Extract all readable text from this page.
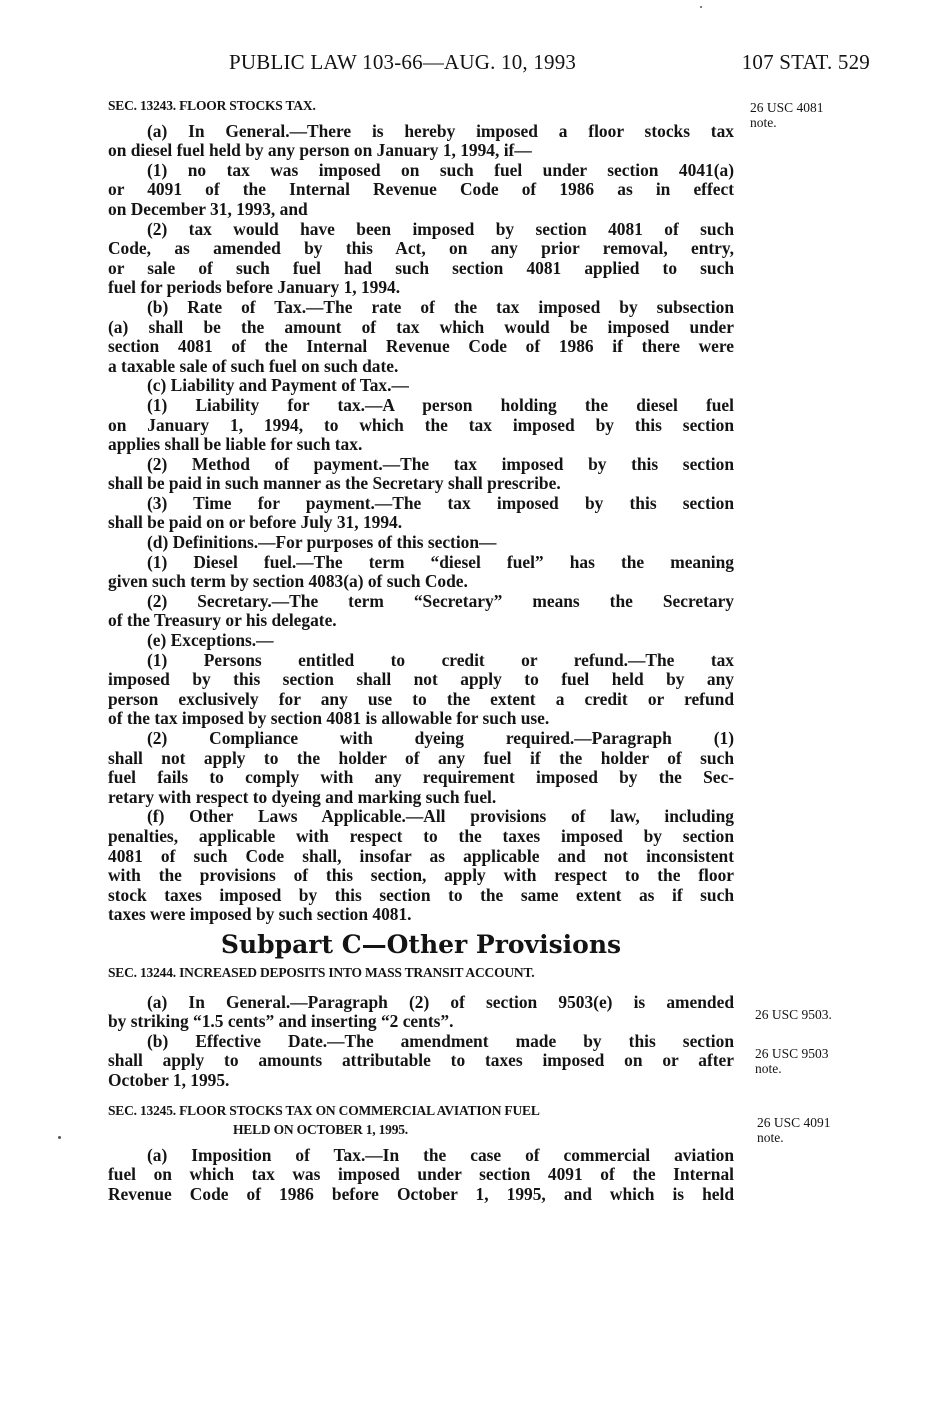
PUBLIC LAW 103-66—AUG. 10, 1993	107 STAT. 529
26 USC 4081
note.
26 USC 9503.
26 USC 9503
note.
26 USC 4091
note.
SEC. 13243. FLOOR STOCKS TAX.
(a) In General.—There is hereby imposed a floor stocks tax
on diesel fuel held by any person on January 1, 1994, if—
(1) no tax was imposed on such fuel under section 4041(a)
or 4091 of the Internal Revenue Code of 1986 as in effect
on December 31, 1993, and
(2) tax would have been imposed by section 4081 of such
Code, as amended by this Act, on any prior removal, entry,
or sale of such fuel had such section 4081 applied to such
fuel for periods before January 1, 1994.
(b) Rate of Tax.—The rate of the tax imposed by subsection
(a) shall be the amount of tax which would be imposed under
section 4081 of the Internal Revenue Code of 1986 if there were
a taxable sale of such fuel on such date.
(c) Liability and Payment of Tax.—
(1) Liability for tax.—A person holding the diesel fuel
on January 1, 1994, to which the tax imposed by this section
applies shall be liable for such tax.
(2) Method of payment.—The tax imposed by this section
shall be paid in such manner as the Secretary shall prescribe.
(3) Time for payment.—The tax imposed by this section
shall be paid on or before July 31, 1994.
(d) Definitions.—For purposes of this section—
(1) Diesel fuel.—The term “diesel fuel” has the meaning
given such term by section 4083(a) of such Code.
(2) Secretary.—The term “Secretary” means the Secretary
of the Treasury or his delegate.
(e) Exceptions.—
(1) Persons entitled to credit or refund.—The tax
imposed by this section shall not apply to fuel held by any
person exclusively for any use to the extent a credit or refund
of the tax imposed by section 4081 is allowable for such use.
(2) Compliance with dyeing required.—Paragraph (1)
shall not apply to the holder of any fuel if the holder of such
fuel fails to comply with any requirement imposed by the Sec-
retary with respect to dyeing and marking such fuel.
(f) Other Laws Applicable.—All provisions of law, including
penalties, applicable with respect to the taxes imposed by section
4081 of such Code shall, insofar as applicable and not inconsistent
with the provisions of this section, apply with respect to the floor
stock taxes imposed by this section to the same extent as if such
taxes were imposed by such section 4081.
Subpart C—Other Provisions
SEC. 13244. INCREASED DEPOSITS INTO MASS TRANSIT ACCOUNT.
(a) In General.—Paragraph (2) of section 9503(e) is amended
by striking “1.5 cents” and inserting “2 cents”.
(b) Effective Date.—The amendment made by this section
shall apply to amounts attributable to taxes imposed on or after
October 1, 1995.
SEC. 13245. FLOOR STOCKS TAX ON COMMERCIAL AVIATION FUEL
HELD ON OCTOBER 1, 1995.
(a) Imposition of Tax.—In the case of commercial aviation
fuel on which tax was imposed under section 4091 of the Internal
Revenue Code of 1986 before October 1, 1995, and which is held
